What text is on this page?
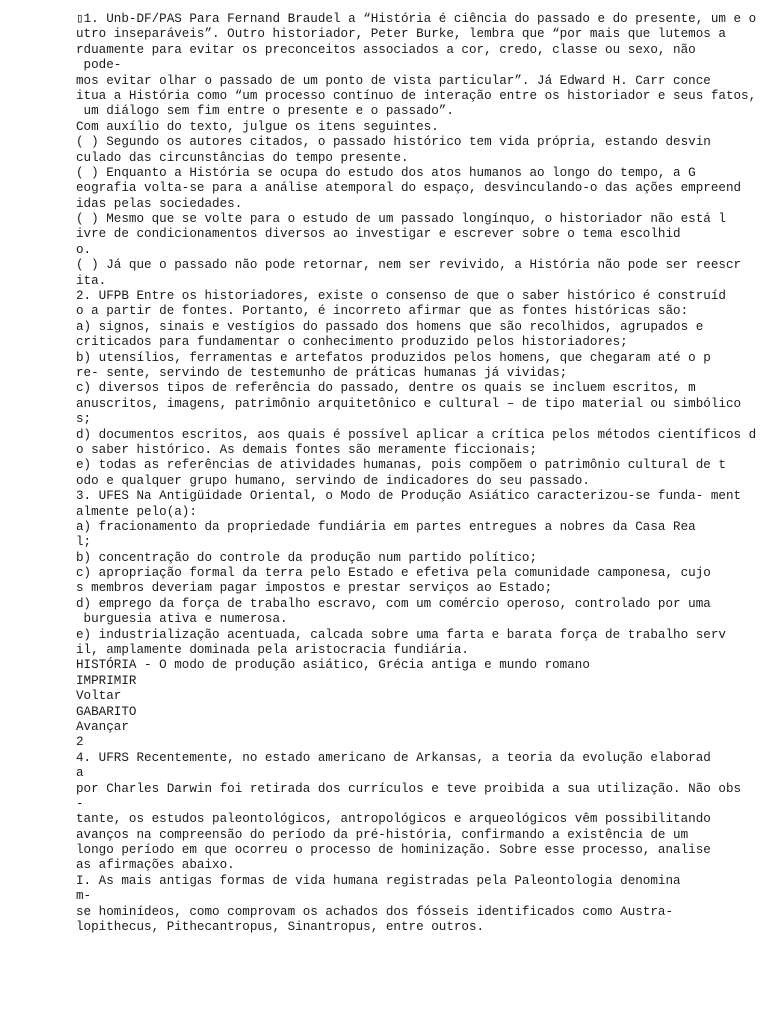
▯1. Unb-DF/PAS Para Fernand Braudel a “História é ciência do passado e do presente, um e o
utro inseparáveis”. Outro historiador, Peter Burke, lembra que “por mais que lutemos a
rduamente para evitar os preconceitos associados a cor, credo, classe ou sexo, não
pode-
mos evitar olhar o passado de um ponto de vista particular”. Já Edward H. Carr conce
itua a História como “um processo contínuo de interação entre os historiador e seus fatos,
um diálogo sem fim entre o presente e o passado”.
Com auxílio do texto, julgue os itens seguintes.
( ) Segundo os autores citados, o passado histórico tem vida própria, estando desvin
culado das circunstâncias do tempo presente.
( ) Enquanto a História se ocupa do estudo dos atos humanos ao longo do tempo, a G
eografia volta-se para a análise atemporal do espaço, desvinculando-o das ações empreend
idas pelas sociedades.
( ) Mesmo que se volte para o estudo de um passado longínquo, o historiador não está l
ivre de condicionamentos diversos ao investigar e escrever sobre o tema escolhid
o.
( ) Já que o passado não pode retornar, nem ser revivido, a História não pode ser reescr
ita.
2. UFPB Entre os historiadores, existe o consenso de que o saber histórico é construíd
o a partir de fontes. Portanto, é incorreto afirmar que as fontes históricas são:
a) signos, sinais e vestígios do passado dos homens que são recolhidos, agrupados e
criticados para fundamentar o conhecimento produzido pelos historiadores;
b) utensílios, ferramentas e artefatos produzidos pelos homens, que chegaram até o p
re- sente, servindo de testemunho de práticas humanas já vividas;
c) diversos tipos de referência do passado, dentre os quais se incluem escritos, m
anuscritos, imagens, patrimônio arquitetônico e cultural – de tipo material ou simbólico
s;
d) documentos escritos, aos quais é possível aplicar a crítica pelos métodos científicos d
o saber histórico. As demais fontes são meramente ficcionais;
e) todas as referências de atividades humanas, pois compõem o patrimônio cultural de t
odo e qualquer grupo humano, servindo de indicadores do seu passado.
3. UFES Na Antigüidade Oriental, o Modo de Produção Asiático caracterizou-se funda- ment
almente pelo(a):
a) fracionamento da propriedade fundiária em partes entregues a nobres da Casa Rea
l;
b) concentração do controle da produção num partido político;
c) apropriação formal da terra pelo Estado e efetiva pela comunidade camponesa, cujo
s membros deveriam pagar impostos e prestar serviços ao Estado;
d) emprego da força de trabalho escravo, com um comércio operoso, controlado por uma
burguesia ativa e numerosa.
e) industrialização acentuada, calcada sobre uma farta e barata força de trabalho serv
il, amplamente dominada pela aristocracia fundiária.
HISTÓRIA - O modo de produção asiático, Grécia antiga e mundo romano
IMPRIMIR
Voltar
GABARITO
Avançar
2
4. UFRS Recentemente, no estado americano de Arkansas, a teoria da evolução elaborad
a
por Charles Darwin foi retirada dos currículos e teve proibida a sua utilização. Não obs
-
tante, os estudos paleontológicos, antropológicos e arqueológicos vêm possibilitando
avanços na compreensão do período da pré-história, confirmando a existência de um
longo período em que ocorreu o processo de hominização. Sobre esse processo, analise
as afirmações abaixo.
I. As mais antigas formas de vida humana registradas pela Paleontologia denomina
m-
se hominídeos, como comprovam os achados dos fósseis identificados como Austra-
lopithecus, Pithecantropus, Sinantropus, entre outros.
